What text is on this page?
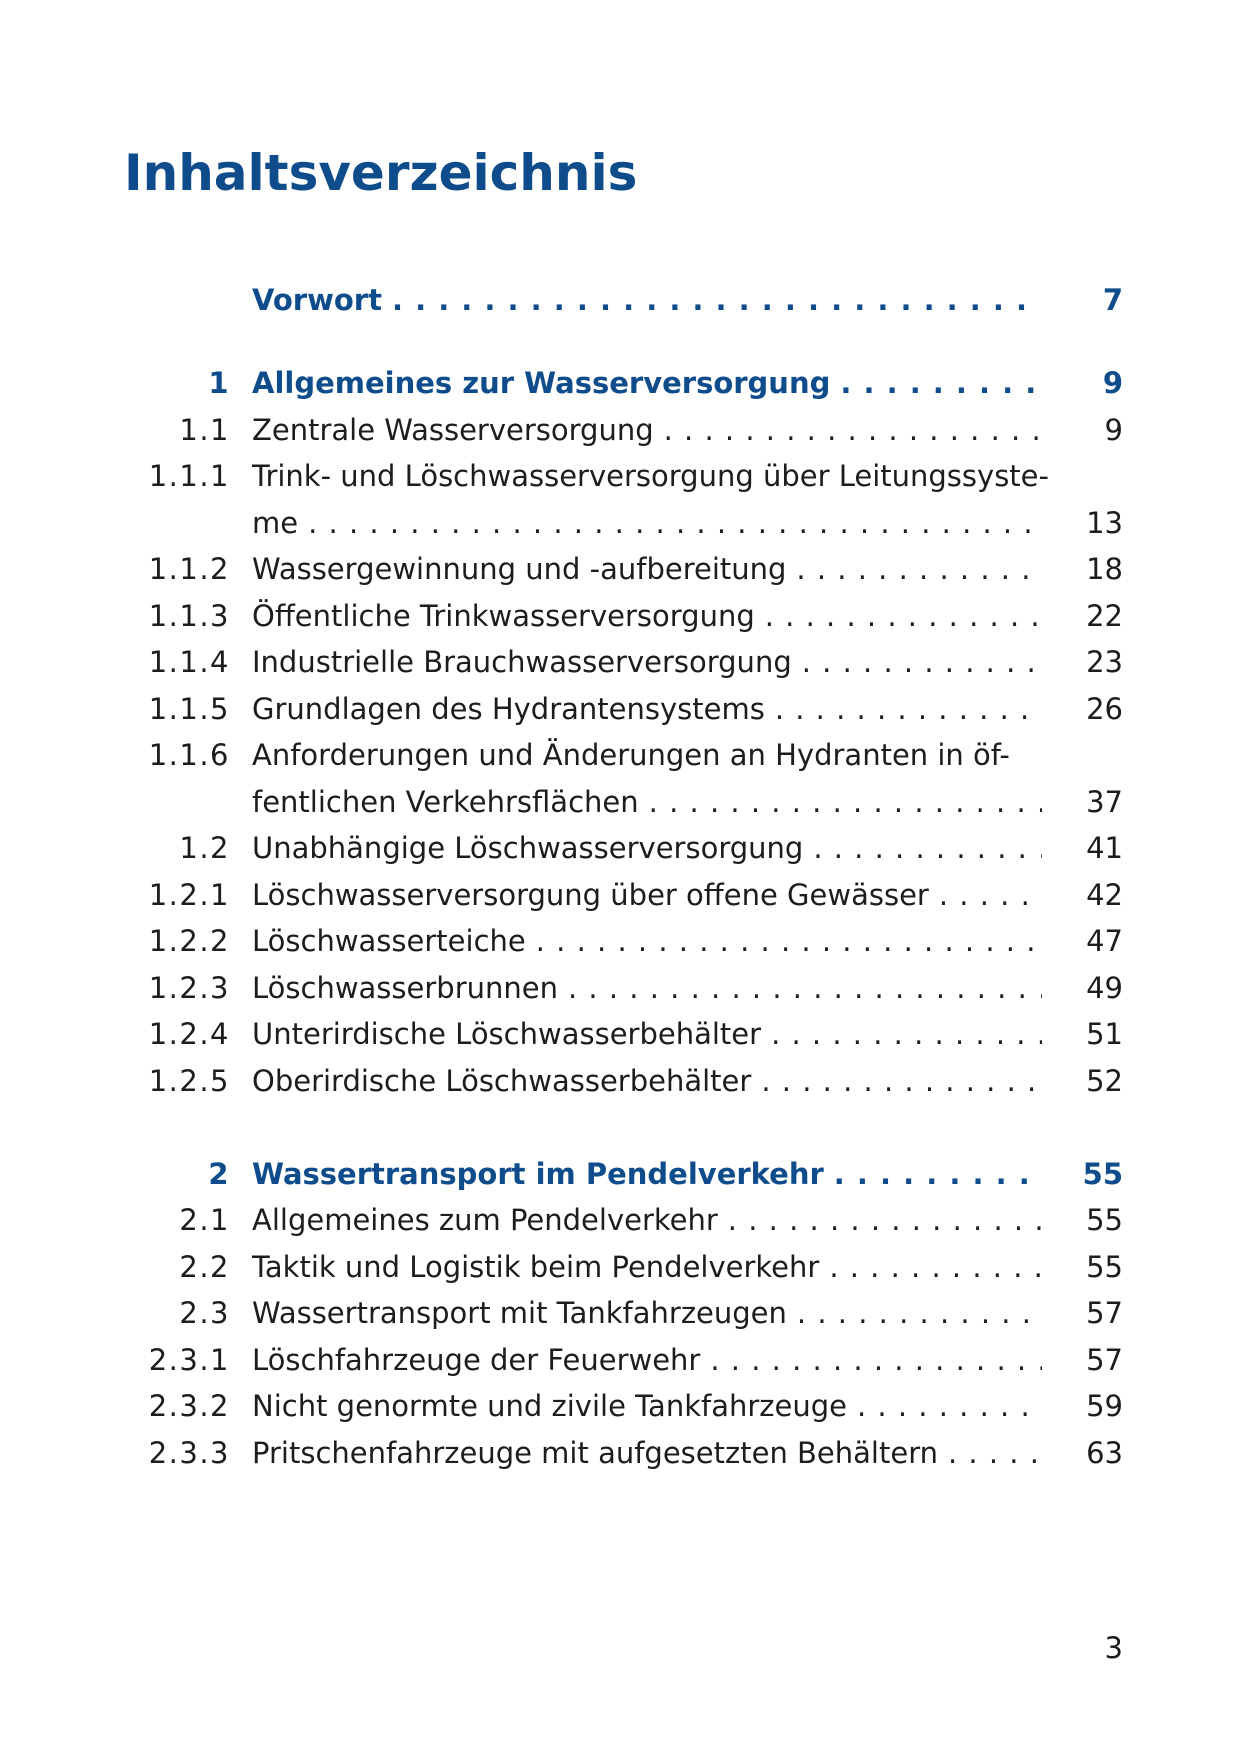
Inhaltsverzeichnis
Vorwort . . .	7
1 Allgemeines zur Wasserversorgung . . .	9
1.1 Zentrale Wasserversorgung . . .	9
1.1.1 Trink- und Löschwasserversorgung über Leitungssyste-
me . . .	13
1.1.2 Wassergewinnung und -aufbereitung . . .	18
1.1.3 Öffentliche Trinkwasserversorgung . . .	22
1.1.4 Industrielle Brauchwasserversorgung . . .	23
1.1.5 Grundlagen des Hydrantensystems . . .	26
1.1.6 Anforderungen und Änderungen an Hydranten in öf-
fentlichen Verkehrsflächen . . .	37
1.2 Unabhängige Löschwasserversorgung . . .	41
1.2.1 Löschwasserversorgung über offene Gewässer . . .	42
1.2.2 Löschwasserteiche . . .	47
1.2.3 Löschwasserbrunnen . . .	49
1.2.4 Unterirdische Löschwasserbehälter . . .	51
1.2.5 Oberirdische Löschwasserbehälter . . .	52
2 Wassertransport im Pendelverkehr . . .	55
2.1 Allgemeines zum Pendelverkehr . . .	55
2.2 Taktik und Logistik beim Pendelverkehr . . .	55
2.3 Wassertransport mit Tankfahrzeugen . . .	57
2.3.1 Löschfahrzeuge der Feuerwehr . . .	57
2.3.2 Nicht genormte und zivile Tankfahrzeuge . . .	59
2.3.3 Pritschenfahrzeuge mit aufgesetzten Behältern . . .	63
3
